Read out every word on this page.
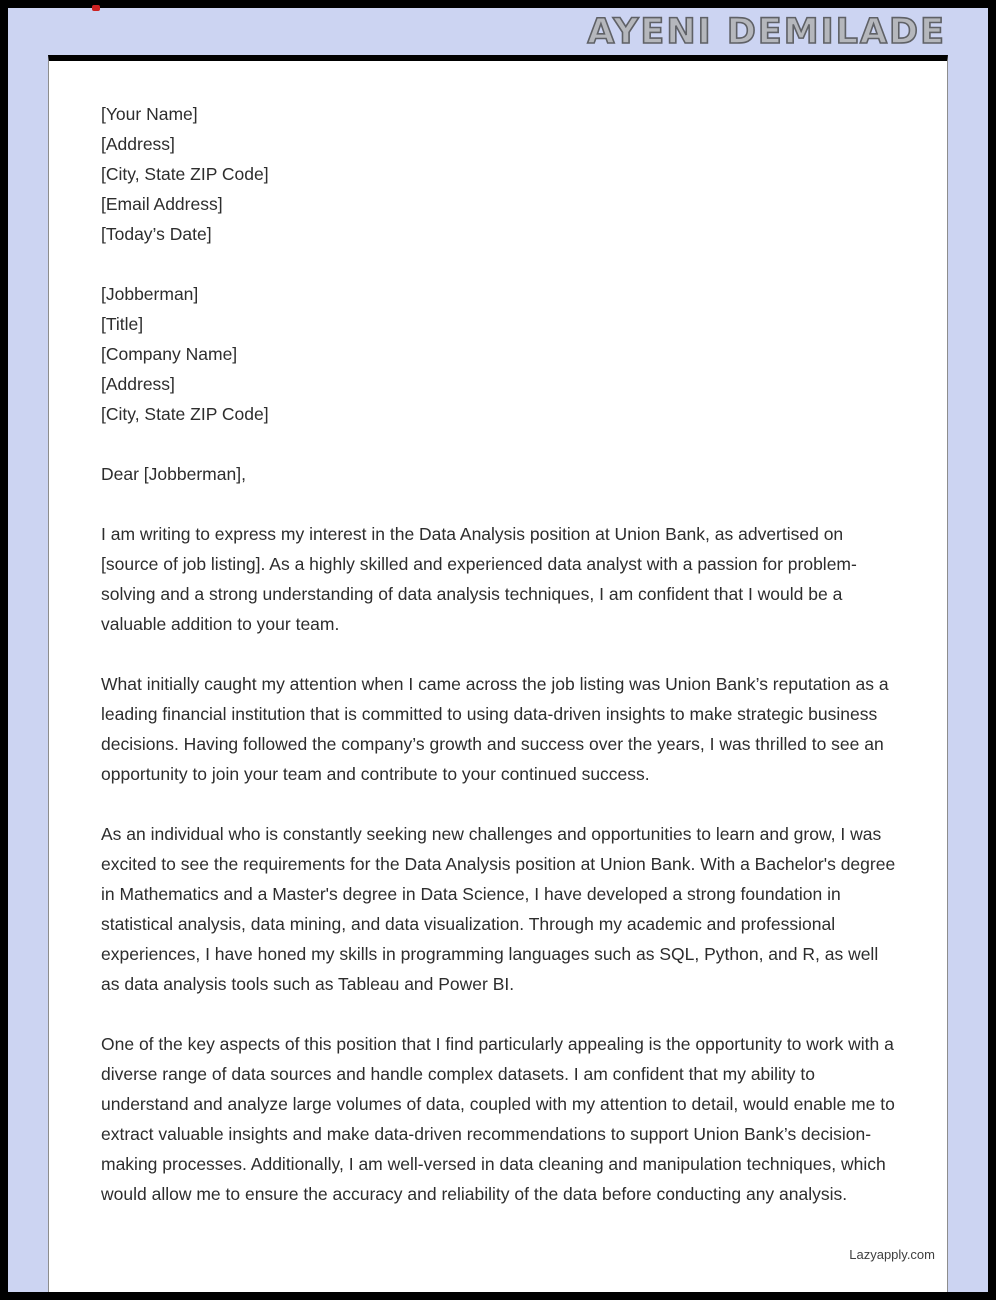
AYENI DEMILADE
[Your Name]
[Address]
[City, State ZIP Code]
[Email Address]
[Today’s Date]
[Jobberman]
[Title]
[Company Name]
[Address]
[City, State ZIP Code]
Dear [Jobberman],

I am writing to express my interest in the Data Analysis position at Union Bank, as advertised on [source of job listing]. As a highly skilled and experienced data analyst with a passion for problem-solving and a strong understanding of data analysis techniques, I am confident that I would be a valuable addition to your team.

What initially caught my attention when I came across the job listing was Union Bank’s reputation as a leading financial institution that is committed to using data-driven insights to make strategic business decisions. Having followed the company’s growth and success over the years, I was thrilled to see an opportunity to join your team and contribute to your continued success.

As an individual who is constantly seeking new challenges and opportunities to learn and grow, I was excited to see the requirements for the Data Analysis position at Union Bank. With a Bachelor's degree in Mathematics and a Master's degree in Data Science, I have developed a strong foundation in statistical analysis, data mining, and data visualization. Through my academic and professional experiences, I have honed my skills in programming languages such as SQL, Python, and R, as well as data analysis tools such as Tableau and Power BI.

One of the key aspects of this position that I find particularly appealing is the opportunity to work with a diverse range of data sources and handle complex datasets. I am confident that my ability to understand and analyze large volumes of data, coupled with my attention to detail, would enable me to extract valuable insights and make data-driven recommendations to support Union Bank’s decision-making processes. Additionally, I am well-versed in data cleaning and manipulation techniques, which would allow me to ensure the accuracy and reliability of the data before conducting any analysis.

Lazyapply.com
